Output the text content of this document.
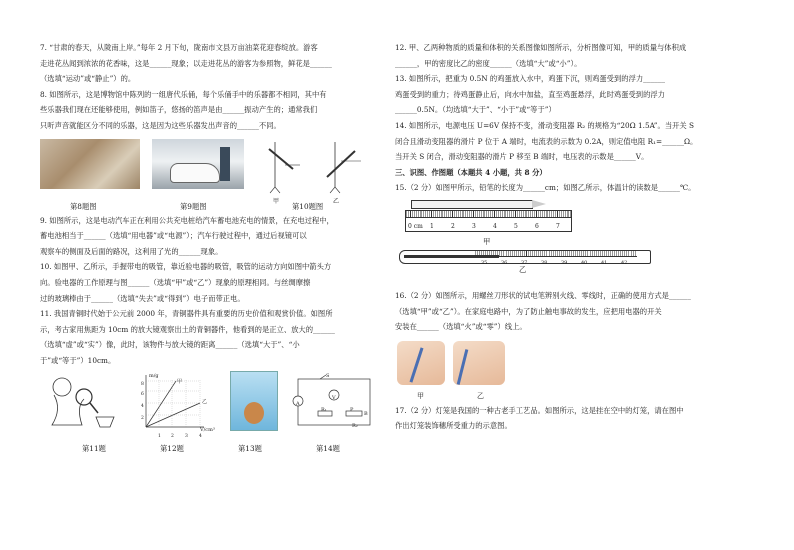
7. “甘肃的春天，从陇南上岸。”每年 2 月下旬，陇南市文县万亩油菜花迎春绽放。游客

走进花丛闻到浓浓的花香味，这是______现象；以走进花丛的游客为参照物，鲜花是______

（选填“运动”或“静止”）的。

8. 如图所示，这是博物馆中陈列的一组唐代乐俑，每个乐俑手中的乐器都不相同，其中有

些乐器我们现在还能够使用，例如笛子，悠扬的笛声是由______振动产生的；通常我们

只听声音就能区分不同的乐器，这是因为这些乐器发出声音的______不同。

甲	乙
第8题图	第9题图	第10题图

9. 如图所示，这是电动汽车正在利用公共充电桩给汽车蓄电池充电的情景，在充电过程中，

蓄电池相当于______（选填“用电器”或“电源”）；汽车行驶过程中，通过后视镜可以

观察车的侧面及后面的路况，这利用了光的______现象。

10. 如图甲、乙所示，手握带电的吸管，靠近验电器的吸管，吸管的运动方向如图中箭头方

向。验电器的工作原理与图______（选填“甲”或“乙”）现象的原理相同。与丝绸摩擦

过的玻璃棒由于______（选填“失去”或“得到”）电子而带正电。

11. 我国青铜时代始于公元前 2000 年，青铜器件具有重要的历史价值和观赏价值。如图所

示，考古家用焦距为 10cm 的放大镜观察出土的青铜器件，他看到的是正立、放大的______

（选填“虚”或“实”）像，此时，该物件与放大镜的距离______（选填“大于”、“小

于”或“等于”）10cm。

m/g
V/cm³
甲
乙
8
6
4
2
1 2 3 4
S
A
V
R₁	P
B
R₂
第11题	第12题	第13题	第14题

12. 甲、乙两种物质的质量和体积的关系图像如图所示，分析图像可知，甲的质量与体积成

______，甲的密度比乙的密度______（选填“大”或“小”）。

13. 如图所示，把重为 0.5N 的鸡蛋放入水中，鸡蛋下沉，则鸡蛋受到的浮力______

鸡蛋受到的重力；待鸡蛋静止后，向水中加盐，直至鸡蛋悬浮，此时鸡蛋受到的浮力

______0.5N。（均选填“大于”、“小于”或“等于”）

14. 如图所示，电源电压 U=6V 保持不变，滑动变阻器 R₂ 的规格为“20Ω 1.5A”。当开关 S

闭合且滑动变阻器的滑片 P 位于 A 端时，电流表的示数为 0.2A，则定值电阻 R₁=______Ω。

当开关 S 闭合，滑动变阻器的滑片 P 移至 B 端时，电压表的示数是______V。

三、识图、作图题（本题共 4 小题，共 8 分）

15.（2 分）如图甲所示，铅笔的长度为______cm；如图乙所示，体温计的读数是______℃。

0 cm 1	2	3	4	5	6	7
甲
35	36	37	38	39	40	41	42
乙

16.（2 分）如图所示，用螺丝刀形状的试电笔辨别火线、零线时，正确的使用方式是______

（选填“甲”或“乙”）。在家庭电路中，为了防止触电事故的发生，应把用电器的开关

安装在______（选填“火”或“零”）线上。

甲	乙

17.（2 分）灯笼是我国的一种古老手工艺品。如图所示，这是挂在空中的灯笼，请在图中

作出灯笼装饰穗所受重力的示意图。
